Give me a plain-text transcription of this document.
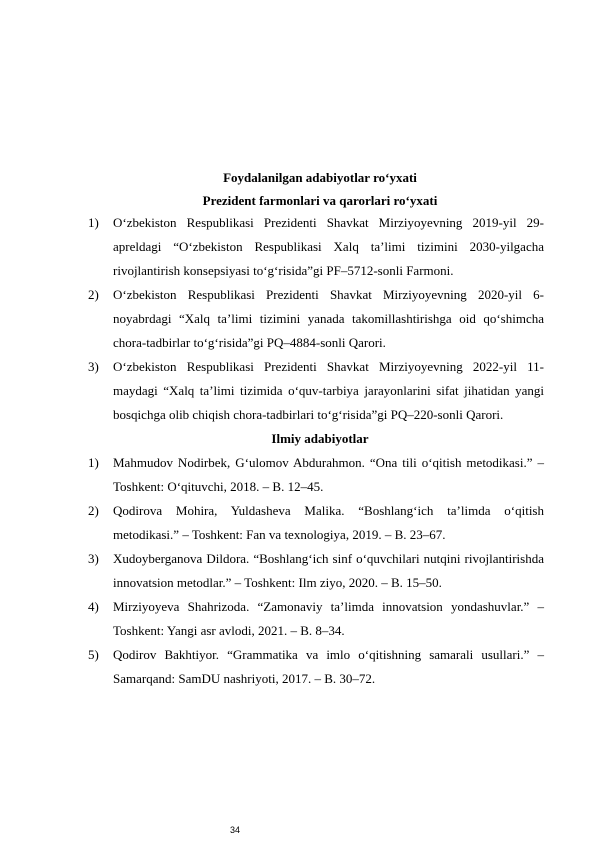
Foydalanilgan adabiyotlar ro‘yxati
Prezident farmonlari va qarorlari ro‘yxati
1) O‘zbekiston Respublikasi Prezidenti Shavkat Mirziyoyevning 2019-yil 29-apreldagi “O‘zbekiston Respublikasi Xalq ta’limi tizimini 2030-yilgacha rivojlantirish konsepsiyasi to‘g‘risida”gi PF–5712-sonli Farmoni.
2) O‘zbekiston Respublikasi Prezidenti Shavkat Mirziyoyevning 2020-yil 6-noyabrdagi “Xalq ta’limi tizimini yanada takomillashtirishga oid qo‘shimcha chora-tadbirlar to‘g‘risida”gi PQ–4884-sonli Qarori.
3) O‘zbekiston Respublikasi Prezidenti Shavkat Mirziyoyevning 2022-yil 11-maydagi “Xalq ta’limi tizimida o‘quv-tarbiya jarayonlarini sifat jihatidan yangi bosqichga olib chiqish chora-tadbirlari to‘g‘risida”gi PQ–220-sonli Qarori.
Ilmiy adabiyotlar
1) Mahmudov Nodirbek, G‘ulomov Abdurahmon. “Ona tili o‘qitish metodikasi.” – Toshkent: O‘qituvchi, 2018. – B. 12–45.
2) Qodirova Mohira, Yuldasheva Malika. “Boshlang‘ich ta’limda o‘qitish metodikasi.” – Toshkent: Fan va texnologiya, 2019. – B. 23–67.
3) Xudoyberganova Dildora. “Boshlang‘ich sinf o‘quvchilari nutqini rivojlantirishda innovatsion metodlar.” – Toshkent: Ilm ziyo, 2020. – B. 15–50.
4) Mirziyoyeva Shahrizoda. “Zamonaviy ta’limda innovatsion yondashuvlar.” – Toshkent: Yangi asr avlodi, 2021. – B. 8–34.
5) Qodirov Bakhtiyor. “Grammatika va imlo o‘qitishning samarali usullari.” – Samarqand: SamDU nashriyoti, 2017. – B. 30–72.
34
